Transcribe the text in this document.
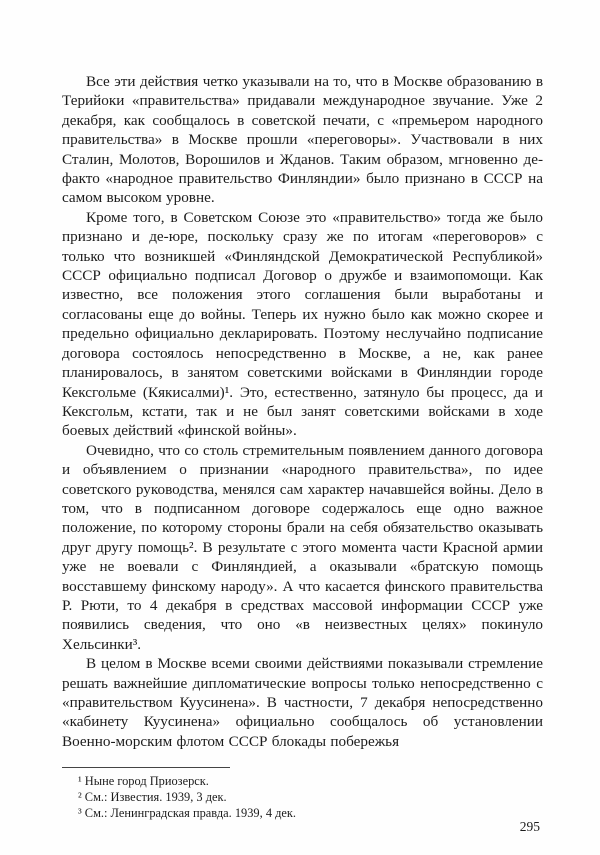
Все эти действия четко указывали на то, что в Москве образованию в Терийоки «правительства» придавали международное звучание. Уже 2 декабря, как сообщалось в советской печати, с «премьером народного правительства» в Москве прошли «переговоры». Участвовали в них Сталин, Молотов, Ворошилов и Жданов. Таким образом, мгновенно де-факто «народное правительство Финляндии» было признано в СССР на самом высоком уровне.

Кроме того, в Советском Союзе это «правительство» тогда же было признано и де-юре, поскольку сразу же по итогам «переговоров» с только что возникшей «Финляндской Демократической Республикой» СССР официально подписал Договор о дружбе и взаимопомощи. Как известно, все положения этого соглашения были выработаны и согласованы еще до войны. Теперь их нужно было как можно скорее и предельно официально декларировать. Поэтому неслучайно подписание договора состоялось непосредственно в Москве, а не, как ранее планировалось, в занятом советскими войсками в Финляндии городе Кексгольме (Кякисалми)¹. Это, естественно, затянуло бы процесс, да и Кексгольм, кстати, так и не был занят советскими войсками в ходе боевых действий «финской войны».

Очевидно, что со столь стремительным появлением данного договора и объявлением о признании «народного правительства», по идее советского руководства, менялся сам характер начавшейся войны. Дело в том, что в подписанном договоре содержалось еще одно важное положение, по которому стороны брали на себя обязательство оказывать друг другу помощь². В результате с этого момента части Красной армии уже не воевали с Финляндией, а оказывали «братскую помощь восставшему финскому народу». А что касается финского правительства Р. Рюти, то 4 декабря в средствах массовой информации СССР уже появились сведения, что оно «в неизвестных целях» покинуло Хельсинки³.

В целом в Москве всеми своими действиями показывали стремление решать важнейшие дипломатические вопросы только непосредственно с «правительством Куусинена». В частности, 7 декабря непосредственно «кабинету Куусинена» официально сообщалось об установлении Военно-морским флотом СССР блокады побережья

¹ Ныне город Приозерск.

² См.: Известия. 1939, 3 дек.

³ См.: Ленинградская правда. 1939, 4 дек.

295
